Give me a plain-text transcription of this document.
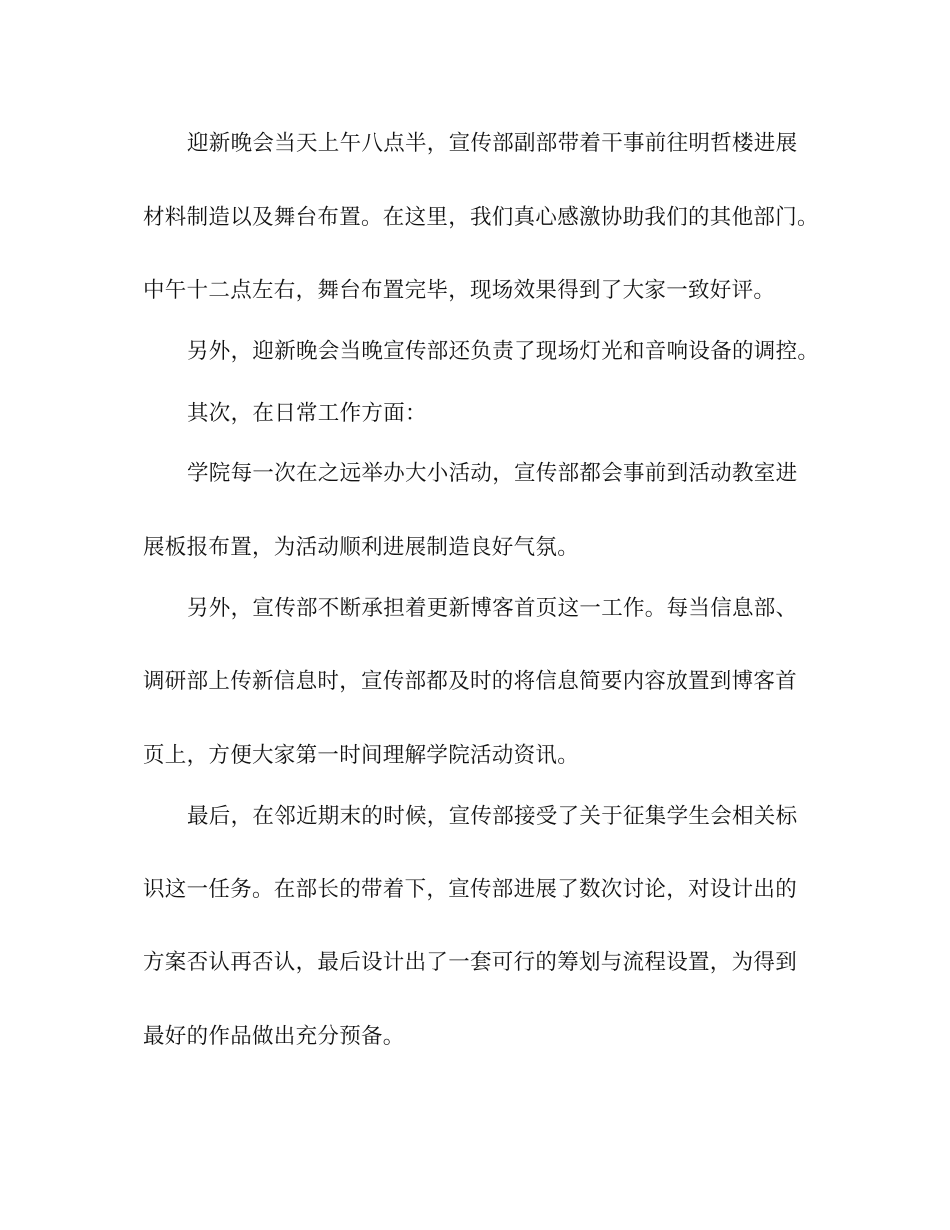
迎新晚会当天上午八点半，宣传部副部带着干事前往明哲楼进展
材料制造以及舞台布置。在这里，我们真心感激协助我们的其他部门。
中午十二点左右，舞台布置完毕，现场效果得到了大家一致好评。
另外，迎新晚会当晚宣传部还负责了现场灯光和音响设备的调控。
其次，在日常工作方面：
学院每一次在之远举办大小活动，宣传部都会事前到活动教室进
展板报布置，为活动顺利进展制造良好气氛。
另外，宣传部不断承担着更新博客首页这一工作。每当信息部、
调研部上传新信息时，宣传部都及时的将信息简要内容放置到博客首
页上，方便大家第一时间理解学院活动资讯。
最后，在邻近期末的时候，宣传部接受了关于征集学生会相关标
识这一任务。在部长的带着下，宣传部进展了数次讨论，对设计出的
方案否认再否认，最后设计出了一套可行的筹划与流程设置，为得到
最好的作品做出充分预备。
